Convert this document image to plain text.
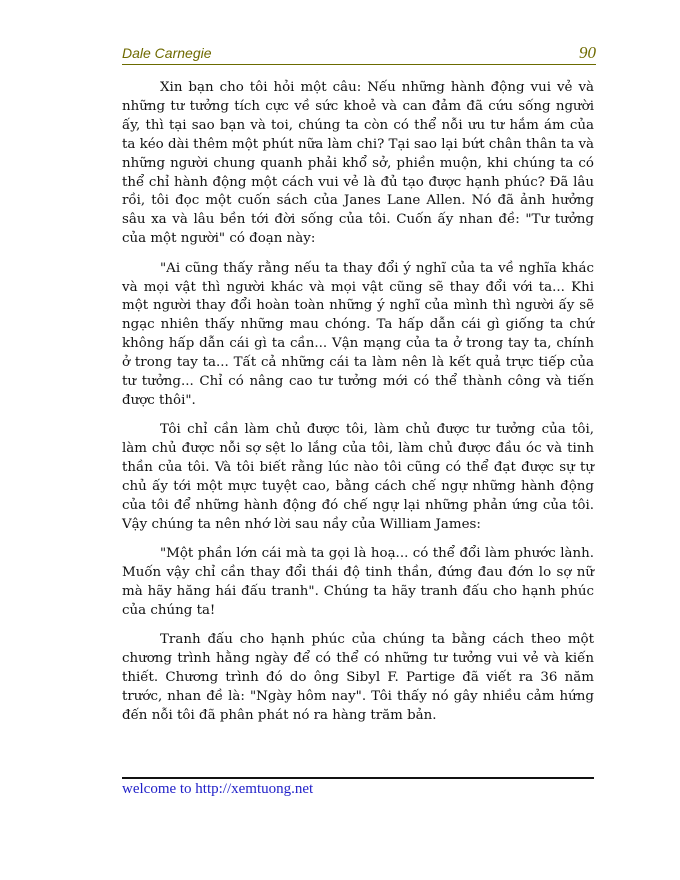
Dale Carnegie	90

Xin bạn cho tôi hỏi một câu: Nếu những hành động vui vẻ và những tư tưởng tích cực về sức khoẻ và can đảm đã cứu sống người ấy, thì tại sao bạn và toi, chúng ta còn có thể nỗi ưu tư hắm ám của ta kéo dài thêm một phút nữa làm chi? Tại sao lại bứt chân thân ta và những người chung quanh phải khổ sở, phiền muộn, khi chúng ta có thể chỉ hành động một cách vui vẻ là đủ tạo được hạnh phúc? Đã lâu rồi, tôi đọc một cuốn sách của Janes Lane Allen. Nó đã ảnh hưởng sâu xa và lâu bền tới đời sống của tôi. Cuốn ấy nhan đề: "Tư tưởng của một người" có đoạn này:

"Ai cũng thấy rằng nếu ta thay đổi ý nghĩ của ta về nghĩa khác và mọi vật thì người khác và mọi vật cũng sẽ thay đổi với ta... Khi một người thay đổi hoàn toàn những ý nghĩ của mình thì người ấy sẽ ngạc nhiên thấy những mau chóng. Ta hấp dẫn cái gì giống ta chứ không hấp dẫn cái gì ta cần... Vận mạng của ta ở trong tay ta, chính ở trong tay ta... Tất cả những cái ta làm nên là kết quả trực tiếp của tư tưởng... Chỉ có nâng cao tư tưởng mới có thể thành công và tiến được thôi".

Tôi chỉ cần làm chủ được tôi, làm chủ được tư tưởng của tôi, làm chủ được nỗi sợ sệt lo lắng của tôi, làm chủ được đầu óc và tinh thần của tôi. Và tôi biết rằng lúc nào tôi cũng có thể đạt được sự tự chủ ấy tới một mực tuyệt cao, bằng cách chế ngự những hành động của tôi để những hành động đó chế ngự lại những phản ứng của tôi. Vậy chúng ta nên nhớ lời sau nầy của William James:

"Một phần lớn cái mà ta gọi là hoạ... có thể đổi làm phước lành. Muốn vậy chỉ cần thay đổi thái độ tinh thần, đứng đau đớn lo sợ nữ mà hãy hăng hái đấu tranh". Chúng ta hãy tranh đấu cho hạnh phúc của chúng ta!

Tranh đấu cho hạnh phúc của chúng ta bằng cách theo một chương trình hằng ngày để có thể có những tư tưởng vui vẻ và kiến thiết. Chương trình đó do ông Sibyl F. Partige đã viết ra 36 năm trước, nhan đề là: "Ngày hôm nay". Tôi thấy nó gây nhiều cảm hứng đến nỗi tôi đã phân phát nó ra hàng trăm bản.

welcome to http://xemtuong.net
